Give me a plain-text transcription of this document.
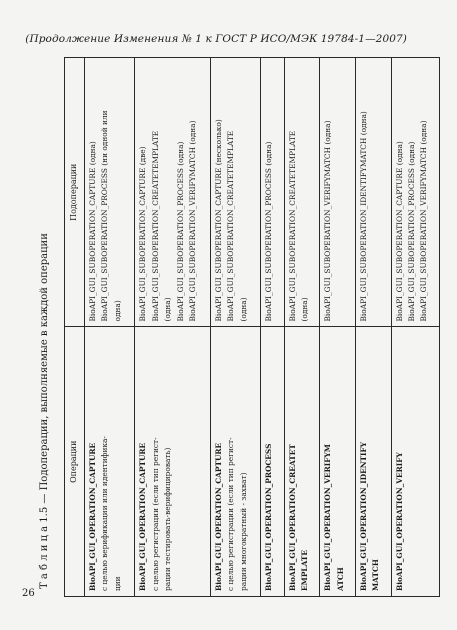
(Продолжение Изменения № 1 к ГОСТ Р ИСО/МЭК 19784-1—2007)
Т а б л и ц а 1.5 — Подоперации, выполняемые в каждой операции	Операции	Подоперации

BioAPI_GUI_OPERATION_CAPTURE с целью верификации или идентифика- ции	BioAPI_GUI_SUBOPERATION_CAPTURE (одна) BioAPI_GUI_SUBOPERATION_PROCESS (ни одной или одна)

BioAPI_GUI_OPERATION_CAPTURE с целью регистрации (если тип регист- рации тестировать-верифицировать)	BioAPI_GUI_SUBOPERATION_CAPTURE (две) BioAPI_GUI_SUBOPERATION_CREATETEMPLATE (одна) BioAPI_GUI_SUBOPERATION_PROCESS (одна) BioAPI_GUI_SUBOPERATION_VERIFYMATCH (одна)

BioAPI_GUI_OPERATION_CAPTURE с целью регистрации (если тип регист- рации многократный - захват)	BioAPI_GUI_SUBOPERATION_CAPTURE (несколько) BioAPI_GUI_SUBOPERATION_CREATETEMPLATE (одна)

BioAPI_GUI_OPERATION_PROCESS	BioAPI_GUI_SUBOPERATION_PROCESS (одна)

BioAPI_GUI_OPERATION_CREATET EMPLATE	BioAPI_GUI_SUBOPERATION_CREATETEMPLATE (одна)

BioAPI_GUI_OPERATION_VERIFYM ATCH	BioAPI_GUI_SUBOPERATION_VERIFYMATCH (одна)

BioAPI_GUI_OPERATION_IDENTIFY MATCH	BioAPI_GUI_SUBOPERATION_IDENTIFYMATCH (одна)

BioAPI_GUI_OPERATION_VERIFY	BioAPI_GUI_SUBOPERATION_CAPTURE (одна) BioAPI_GUI_SUBOPERATION_PROCESS (одна) BioAPI_GUI_SUBOPERATION_VERIFYMATCH (одна)
26
